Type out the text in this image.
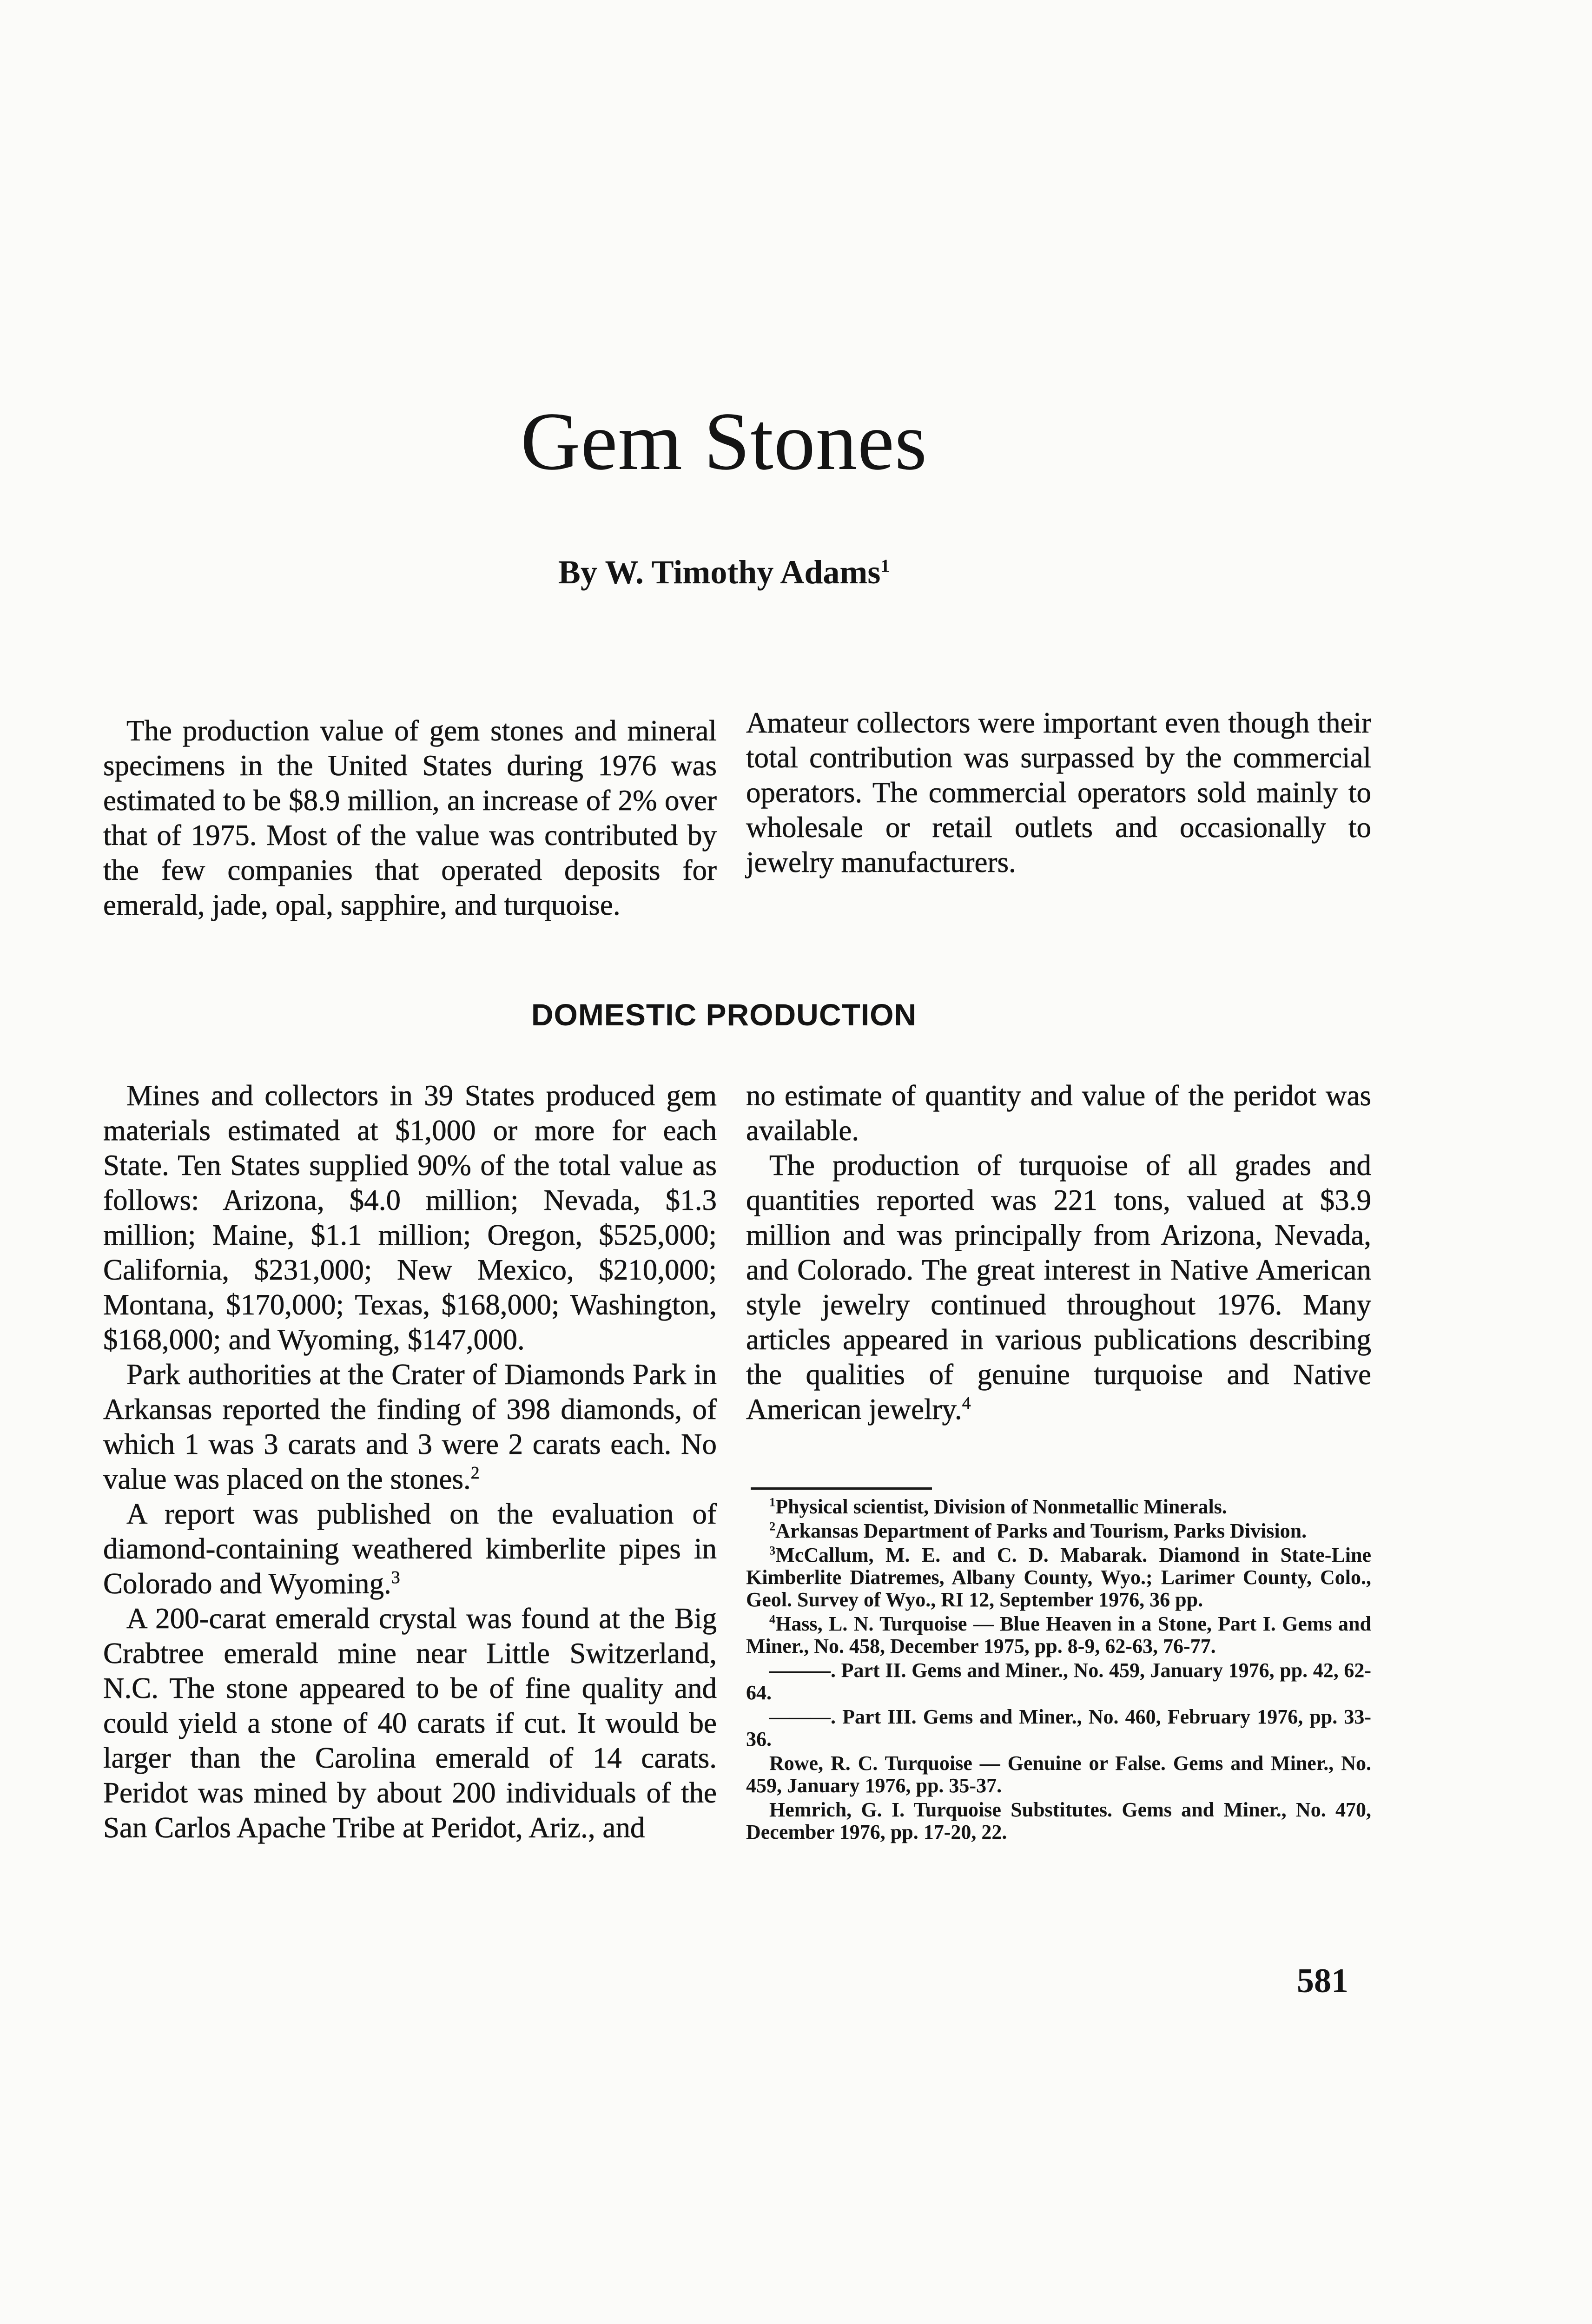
Gem Stones
By W. Timothy Adams$^1$

The production value of gem stones and mineral specimens in the United States during 1976 was estimated to be $8.9 million, an increase of 2% over that of 1975. Most of the value was contributed by the few companies that operated deposits for emerald, jade, opal, sapphire, and turquoise.

Amateur collectors were important even though their total contribution was surpassed by the commercial operators. The commercial operators sold mainly to wholesale or retail outlets and occasionally to jewelry manufacturers.

DOMESTIC PRODUCTION

Mines and collectors in 39 States produced gem materials estimated at $1,000 or more for each State. Ten States supplied 90% of the total value as follows: Arizona, $4.0 million; Nevada, $1.3 million; Maine, $1.1 million; Oregon, $525,000; California, $231,000; New Mexico, $210,000; Montana, $170,000; Texas, $168,000; Washington, $168,000; and Wyoming, $147,000.

Park authorities at the Crater of Diamonds Park in Arkansas reported the finding of 398 diamonds, of which 1 was 3 carats and 3 were 2 carats each. No value was placed on the stones.$^2$

A report was published on the evaluation of diamond-containing weathered kimberlite pipes in Colorado and Wyoming.$^3$

A 200-carat emerald crystal was found at the Big Crabtree emerald mine near Little Switzerland, N.C. The stone appeared to be of fine quality and could yield a stone of 40 carats if cut. It would be larger than the Carolina emerald of 14 carats. Peridot was mined by about 200 individuals of the San Carlos Apache Tribe at Peridot, Ariz., and

no estimate of quantity and value of the peridot was available.

The production of turquoise of all grades and quantities reported was 221 tons, valued at $3.9 million and was principally from Arizona, Nevada, and Colorado. The great interest in Native American style jewelry continued throughout 1976. Many articles appeared in various publications describing the qualities of genuine turquoise and Native American jewelry.$^4$

$^1$Physical scientist, Division of Nonmetallic Minerals.

$^2$Arkansas Department of Parks and Tourism, Parks Division.

$^3$McCallum, M. E. and C. D. Mabarak. Diamond in State-Line Kimberlite Diatremes, Albany County, Wyo.; Larimer County, Colo., Geol. Survey of Wyo., RI 12, September 1976, 36 pp.

$^4$Hass, L. N. Turquoise — Blue Heaven in a Stone, Part I. Gems and Miner., No. 458, December 1975, pp. 8-9, 62-63, 76-77.

———. Part II. Gems and Miner., No. 459, January 1976, pp. 42, 62-64.

———. Part III. Gems and Miner., No. 460, February 1976, pp. 33-36.

Rowe, R. C. Turquoise — Genuine or False. Gems and Miner., No. 459, January 1976, pp. 35-37.

Hemrich, G. I. Turquoise Substitutes. Gems and Miner., No. 470, December 1976, pp. 17-20, 22.

581
